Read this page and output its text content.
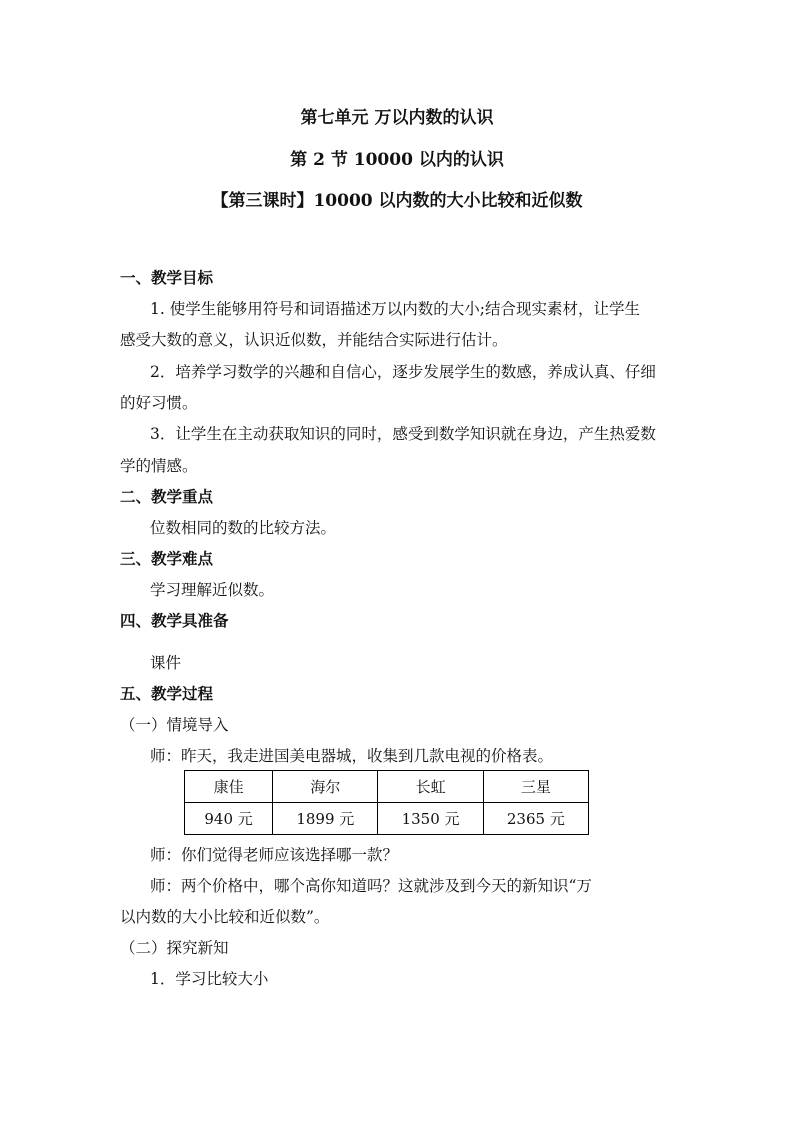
第七单元 万以内数的认识
第 2 节 10000 以内的认识
【第三课时】10000 以内数的大小比较和近似数
一、教学目标
1. 使学生能够用符号和词语描述万以内数的大小;结合现实素材，让学生
感受大数的意义，认识近似数，并能结合实际进行估计。
2．培养学习数学的兴趣和自信心，逐步发展学生的数感，养成认真、仔细
的好习惯。
3．让学生在主动获取知识的同时，感受到数学知识就在身边，产生热爱数
学的情感。
二、教学重点
位数相同的数的比较方法。
三、教学难点
学习理解近似数。
四、教学具准备
课件
五、教学过程
（一）情境导入
师：昨天，我走进国美电器城，收集到几款电视的价格表。
康佳	海尔	长虹	三星
940 元	1899 元	1350 元	2365 元
师：你们觉得老师应该选择哪一款？
师：两个价格中，哪个高你知道吗？这就涉及到今天的新知识“万
以内数的大小比较和近似数”。
（二）探究新知
1．学习比较大小
